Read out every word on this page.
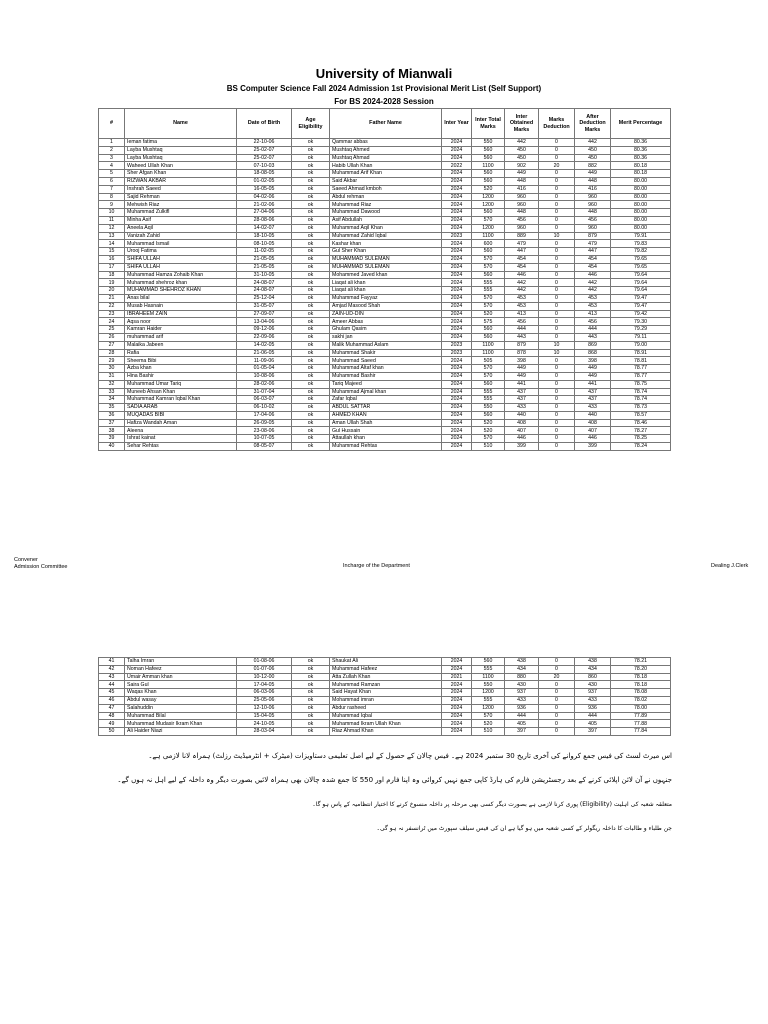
University of Mianwali
BS Computer Science Fall 2024 Admission 1st Provisional Merit List (Self Support)
For BS 2024-2028 Session
#	Name	Date of Birth	Age Eligibility	Father Name	Inter Year	Inter Total Marks	Inter Obtained Marks	Marks Deduction	After Deduction Marks	Merit Percentage
1	Ieman fatima	22-10-06	ok	Qammar abbas	2024	550	442	0	442	80.36
2	Layba Mushtaq	25-02-07	ok	Mushtaq Ahmed	2024	560	450	0	450	80.36
3	Layba Mushtaq	25-02-07	ok	Mushtaq Ahmad	2024	560	450	0	450	80.36
4	Waheed Ullah Khan	07-10-03	ok	Habib Ullah Khan	2022	1100	902	20	882	80.18
5	Sher Afgan Khan	18-08-05	ok	Muhammad Arif Khan	2024	560	449	0	449	80.18
6	RIZWAN AKBAR	01-02-05	ok	Said Akbar	2024	560	448	0	448	80.00
7	Inshrah Saeed	16-05-05	ok	Saeed Ahmad kmboh	2024	520	416	0	416	80.00
8	Sajid Rehman	04-02-06	ok	Abdul rehman	2024	1200	960	0	960	80.00
9	Mehwish Riaz	21-02-06	ok	Muhammad Riaz	2024	1200	960	0	960	80.00
10	Muhammad Zulkifl	27-04-06	ok	Muhammad Dawood	2024	560	448	0	448	80.00
11	Minha Asif	28-08-06	ok	Asif Abdullah	2024	570	456	0	456	80.00
12	Aneela Aqil	14-02-07	ok	Muhammad Aqil Khan	2024	1200	960	0	960	80.00
13	Vanizah Zahid	18-10-05	ok	Muhammad Zahid Iqbal	2023	1100	889	10	879	79.91
14	Muhammad Ismail	08-10-05	ok	Kashar khan	2024	600	479	0	479	79.83
15	Urooj Fatima	11-02-05	ok	Gul Sher Khan	2024	560	447	0	447	79.82
16	SHIFA ULLAH	21-05-05	ok	MUHAMMAD SULEMAN	2024	570	454	0	454	79.65
17	SHIFA ULLAH	21-05-05	ok	MUHAMMAD SULEMAN	2024	570	454	0	454	79.65
18	Muhammad Hamza Zohaib Khan	31-10-05	ok	Mohammed Javed khan	2024	560	446	0	446	79.64
19	Muhammad shehroz khan	24-08-07	ok	Liaqat ali khan	2024	555	442	0	442	79.64
20	MUHAMMAD SHEHROZ KHAN	24-08-07	ok	Liaqat ali khan	2024	555	442	0	442	79.64
21	Anas bilal	25-12-04	ok	Muhammad Fayyaz	2024	570	453	0	453	79.47
22	Musab Hasnain	31-05-07	ok	Amjad Masood Shah	2024	570	453	0	453	79.47
23	IBRAHEEM ZAIN	27-09-07	ok	ZAIN-UD-DIN	2024	520	413	0	413	79.42
24	Aqsa noor	13-04-06	ok	Ameer Abbas	2024	575	456	0	456	79.30
25	Kamran Haider	09-12-06	ok	Ghulam Qasim	2024	560	444	0	444	79.29
26	muhammad arif	22-09-06	ok	sakhi jan	2024	560	443	0	443	79.11
27	Malaika Jabeen	14-02-05	ok	Malik Muhammad Aslam	2023	1100	879	10	869	79.00
28	Rafia	21-06-05	ok	Muhammad Shakir	2023	1100	878	10	868	78.91
29	Sheema Bibi	11-09-06	ok	Muhammad Saeed	2024	505	398	0	398	78.81
30	Azba khan	01-05-04	ok	Muhammad Altaf khan	2024	570	449	0	449	78.77
31	Hina Bashir	10-08-06	ok	Muhammad Bashir	2024	570	449	0	449	78.77
32	Muhammad Umar Tariq	28-02-06	ok	Tariq Majeed	2024	560	441	0	441	78.75
33	Muneeb Ahsan Khan	31-07-04	ok	Muhammad Ajmal khan	2024	555	437	0	437	78.74
34	Muhammad Kamran Iqbal Khan	06-03-07	ok	Zafar Iqbal	2024	555	437	0	437	78.74
35	SADIA ARAB	06-10-02	ok	ABDUL SATTAR	2024	550	433	0	433	78.73
36	MUQADAS BIBI	17-04-06	ok	AHMED KHAN	2024	560	440	0	440	78.57
37	Hafiza Wandah Aman	26-09-05	ok	Aman Ullah Shah	2024	520	408	0	408	78.46
38	Aleena	23-08-06	ok	Gul Hussain	2024	520	407	0	407	78.27
39	Ishrat kainat	10-07-05	ok	Attaullah khan	2024	570	446	0	446	78.25
40	Sehar Rehtas	08-05-07	ok	Muhammad Rehtas	2024	510	399	0	399	78.24
Convener
Admission Committee	Incharge of the Department	Dealing J.Clerk
41	Talha Imran	01-08-06	ok	Shaukat Ali	2024	560	438	0	438	78.21
42	Noman Hafeez	01-07-06	ok	Muhammad Hafeez	2024	555	434	0	434	78.20
43	Umair Amman khan	10-12-00	ok	Atta Zullah Khan	2021	1100	880	20	860	78.18
44	Saira Gul	17-04-05	ok	Muhammad Ramzan	2024	550	430	0	430	78.18
45	Waqas Khan	06-03-06	ok	Said Hayat Khan	2024	1200	937	0	937	78.08
46	Abdul wasay	25-05-06	ok	Mohammad imran	2024	555	433	0	433	78.02
47	Salahuddin	12-10-06	ok	Abdur rasheed	2024	1200	936	0	936	78.00
48	Muhammad Bilal	15-04-05	ok	Muhammad Iqbal	2024	570	444	0	444	77.89
49	Muhammad Mudasir Ikram Khan	24-10-05	ok	Muhammad Ikram Ullah Khan	2024	520	405	0	405	77.88
50	Ali Haider Niazi	28-03-04	ok	Riaz Ahmad Khan	2024	510	397	0	397	77.84
اس میرٹ لسٹ کی فیس جمع کروانے کی آخری تاریخ 30 ستمبر 2024 ہے۔ فیس چالان کے حصول کے لیے اصل تعلیمی دستاویزات (میٹرک + انٹرمیڈیٹ رزلٹ) ہمراہ لانا لازمی ہے۔
جنہوں نے آن لائن اپلائی کرنے کے بعد رجسٹریشن فارم کی ہارڈ کاپی جمع نہیں کروائی وہ اپنا فارم اور 550 کا جمع شدہ چالان بھی ہمراہ لائیں بصورت دیگر وہ داخلہ کے لیے اہل نہ ہوں گے۔
متعلقہ شعبہ کی اہلیت (Eligibility) پوری کرنا لازمی ہے بصورت دیگر کسی بھی مرحلہ پر داخلہ منسوخ کرنے کا اختیار انتظامیہ کے پاس ہو گا۔
جن طلباء و طالبات کا داخلہ ریگولر کے کسی شعبہ میں ہو گیا ہے ان کی فیس سیلف سپورٹ میں ٹرانسفر نہ ہو گی۔
